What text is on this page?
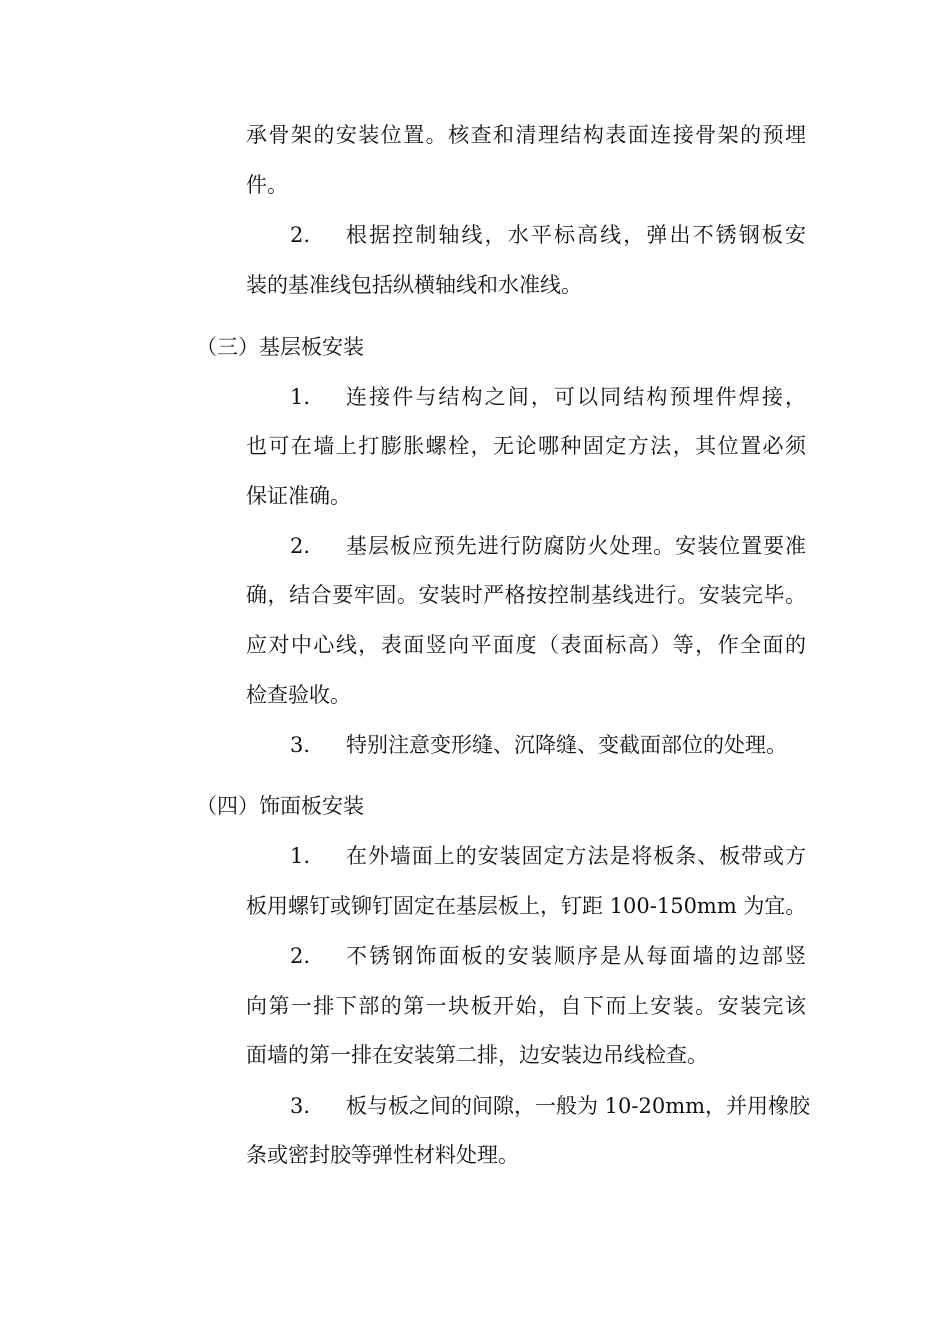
承骨架的安装位置。核查和清理结构表面连接骨架的预埋
件。
2. 根据控制轴线，水平标高线，弹出不锈钢板安
装的基准线包括纵横轴线和水准线。
（三）基层板安装
1. 连接件与结构之间，可以同结构预埋件焊接，
也可在墙上打膨胀螺栓，无论哪种固定方法，其位置必须
保证准确。
2. 基层板应预先进行防腐防火处理。安装位置要准
确，结合要牢固。安装时严格按控制基线进行。安装完毕。
应对中心线，表面竖向平面度（表面标高）等，作全面的
检查验收。
3. 特别注意变形缝、沉降缝、变截面部位的处理。
（四）饰面板安装
1. 在外墙面上的安装固定方法是将板条、板带或方
板用螺钉或铆钉固定在基层板上，钉距 100-150mm 为宜。
2. 不锈钢饰面板的安装顺序是从每面墙的边部竖
向第一排下部的第一块板开始，自下而上安装。安装完该
面墙的第一排在安装第二排，边安装边吊线检查。
3. 板与板之间的间隙，一般为 10-20mm，并用橡胶
条或密封胶等弹性材料处理。
